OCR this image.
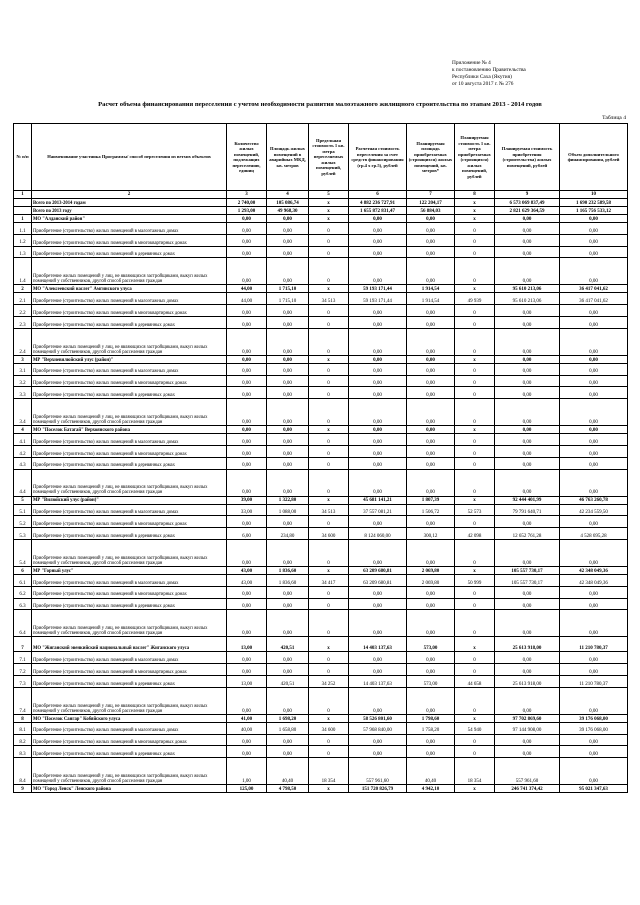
Приложение № 4
к постановлению Правительства
Республики Саха (Якутия)
от 10 августа 2017 г. № 276
Расчет объема финансирования переселения с учетом необходимости развития малоэтажного жилищного строительства по этапам 2013 - 2014 годов
Таблица 4
№ п/п	Наименование участника Программы/ способ переселения из ветхих объектов	Количество жилых помещений, подлежащих переселению, единиц	Площадь жилых помещений в аварийных МКД, кв. метров	Предельная стоимость 1 кв. метра переселяемых жилых помещений, рублей	Расчетная стоимость переселения за счет средств финансирования (гр.4 х гр.5), рублей	Планируемая площадь приобретаемых (строящихся) жилых помещений, кв. метров*	Планируемая стоимость 1 кв. метра приобретаемых (строящихся) жилых помещений, рублей	Планируемая стоимость приобретения (строительства) жилых помещений, рублей	Объем дополнительного финансирования, рублей
1	2	3	4	5	6	7	8	9	10
	Всего по 2013-2014 годам	2 740,00	105 086,74	x	4 882 236 727,91	122 204,17	x	6 573 069 837,49	1 690 232 589,58
	Всего по 2013 году	1 293,00	49 968,30	x	1 655 872 831,47	56 884,03	x	2 821 629 364,59	1 165 756 533,12
1	МО "Алданский район"	0,00	0,00	x	0,00	0,00	x	0,00	0,00
1.1	Приобретение (строительство) жилых помещений в малоэтажных домах	0,00	0,00	0	0,00	0,00	0	0,00	0,00
1.2	Приобретение (строительство) жилых помещений в многоквартирных домах	0,00	0,00	0	0,00	0,00	0	0,00	0,00
1.3	Приобретение (строительство) жилых помещений в деревянных домах	0,00	0,00	0	0,00	0,00	0	0,00	0,00
1.4	Приобретение жилых помещений у лиц, не являющихся застройщиками, выкуп жилых помещений у собственников, другой способ расселения граждан	0,00	0,00	0	0,00	0,00	0	0,00	0,00
2	МО "Алексеевский наслег" Амгинского улуса	44,00	1 715,10	x	59 193 171,44	1 914,54	x	95 610 213,06	36 417 041,62
2.1	Приобретение (строительство) жилых помещений в малоэтажных домах	44,00	1 715,10	34 513	59 193 171,44	1 914,54	49 939	95 610 213,06	36 417 041,62
2.2	Приобретение (строительство) жилых помещений в многоквартирных домах	0,00	0,00	0	0,00	0,00	0	0,00	0,00
2.3	Приобретение (строительство) жилых помещений в деревянных домах	0,00	0,00	0	0,00	0,00	0	0,00	0,00
2.4	Приобретение жилых помещений у лиц, не являющихся застройщиками, выкуп жилых помещений у собственников, другой способ расселения граждан	0,00	0,00	0	0,00	0,00	0	0,00	0,00
3	МР "Верхневилюйский улус (район)"	0,00	0,00	x	0,00	0,00	x	0,00	0,00
3.1	Приобретение (строительство) жилых помещений в малоэтажных домах	0,00	0,00	0	0,00	0,00	0	0,00	0,00
3.2	Приобретение (строительство) жилых помещений в многоквартирных домах	0,00	0,00	0	0,00	0,00	0	0,00	0,00
3.3	Приобретение (строительство) жилых помещений в деревянных домах	0,00	0,00	0	0,00	0,00	0	0,00	0,00
3.4	Приобретение жилых помещений у лиц, не являющихся застройщиками, выкуп жилых помещений у собственников, другой способ расселения граждан	0,00	0,00	0	0,00	0,00	0	0,00	0,00
4	МО "Поселок Батагай" Верхоянского района	0,00	0,00	x	0,00	0,00	x	0,00	0,00
4.1	Приобретение (строительство) жилых помещений в малоэтажных домах	0,00	0,00	0	0,00	0,00	0	0,00	0,00
4.2	Приобретение (строительство) жилых помещений в многоквартирных домах	0,00	0,00	0	0,00	0,00	0	0,00	0,00
4.3	Приобретение (строительство) жилых помещений в деревянных домах	0,00	0,00	0	0,00	0,00	0	0,00	0,00
4.4	Приобретение жилых помещений у лиц, не являющихся застройщиками, выкуп жилых помещений у собственников, другой способ расселения граждан	0,00	0,00	0	0,00	0,00	0	0,00	0,00
5	МР "Вилюйский улус (район)"	39,00	1 322,80	x	45 681 141,21	1 807,39	x	92 444 401,99	46 763 260,78
5.1	Приобретение (строительство) жилых помещений в малоэтажных домах	33,00	1 088,00	34 513	37 557 081,21	1 506,72	52 573	79 791 640,71	42 234 559,50
5.2	Приобретение (строительство) жилых помещений в многоквартирных домах	0,00	0,00	0	0,00	0,00	0	0,00	0,00
5.3	Приобретение (строительство) жилых помещений в деревянных домах	6,00	234,80	34 600	8 124 060,00	300,12	42 098	12 652 761,28	4 528 695,28
5.4	Приобретение жилых помещений у лиц, не являющихся застройщиками, выкуп жилых помещений у собственников, другой способ расселения граждан	0,00	0,00	0	0,00	0,00	0	0,00	0,00
6	МР "Горный улус"	43,00	1 836,60	x	63 209 680,81	2 069,80	x	105 557 730,17	42 348 049,36
6.1	Приобретение (строительство) жилых помещений в малоэтажных домах	43,00	1 836,60	34 417	63 209 680,81	2 069,80	50 999	105 557 730,17	42 348 049,36
6.2	Приобретение (строительство) жилых помещений в многоквартирных домах	0,00	0,00	0	0,00	0,00	0	0,00	0,00
6.3	Приобретение (строительство) жилых помещений в деревянных домах	0,00	0,00	0	0,00	0,00	0	0,00	0,00
6.4	Приобретение жилых помещений у лиц, не являющихся застройщиками, выкуп жилых помещений у собственников, другой способ расселения граждан	0,00	0,00	0	0,00	0,00	0	0,00	0,00
7	МО "Жиганский эвенкийский национальный наслег" Жиганского улуса	13,00	420,51	x	14 403 137,63	573,00	x	25 613 918,00	11 210 780,37
7.1	Приобретение (строительство) жилых помещений в малоэтажных домах	0,00	0,00	0	0,00	0,00	0	0,00	0,00
7.2	Приобретение (строительство) жилых помещений в многоквартирных домах	0,00	0,00	0	0,00	0,00	0	0,00	0,00
7.3	Приобретение (строительство) жилых помещений в деревянных домах	13,00	420,51	34 252	14 403 137,63	573,00	44 658	25 613 918,00	11 210 780,37
7.4	Приобретение жилых помещений у лиц, не являющихся застройщиками, выкуп жилых помещений у собственников, другой способ расселения граждан	0,00	0,00	0	0,00	0,00	0	0,00	0,00
8	МО "Поселок Сангар" Кобяйского улуса	41,00	1 698,20	x	58 526 801,60	1 798,60	x	97 702 869,60	39 176 068,00
8.1	Приобретение (строительство) жилых помещений в малоэтажных домах	40,00	1 658,80	34 600	57 968 840,00	1 758,20	54 940	97 144 908,00	39 176 068,00
8.2	Приобретение (строительство) жилых помещений в многоквартирных домах	0,00	0,00	0	0,00	0,00	0	0,00	0,00
8.3	Приобретение (строительство) жилых помещений в деревянных домах	0,00	0,00	0	0,00	0,00	0	0,00	0,00
8.4	Приобретение жилых помещений у лиц, не являющихся застройщиками, выкуп жилых помещений у собственников, другой способ расселения граждан	1,00	40,40	18 354	557 961,60	40,40	18 354	557 961,60	0,00
9	МО "Город Ленск" Ленского района	125,00	4 798,50	x	151 720 826,79	4 942,10	x	246 741 374,42	95 021 347,63
